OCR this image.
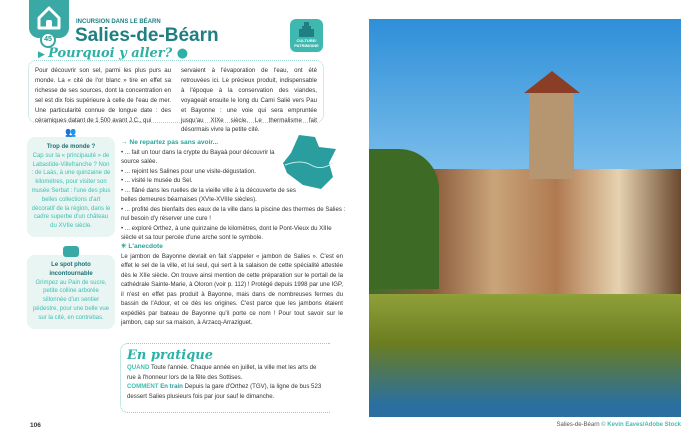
45
INCURSION DANS LE BÉARN
Salies-de-Béarn	CULTURE/ PATRIMOINE
▶ Pourquoi y aller? ●

Pour découvrir son sel, parmi les plus purs au monde. La « cité de l'or blanc » tire en effet sa richesse de ses sources, dont la concentration en sel est dix fois supérieure à celle de l'eau de mer. Une particularité connue de longue date : des céramiques datant de 1 500 avant J.C., qui

servaient à l'évaporation de l'eau, ont été retrouvées ici. Le précieux produit, indispensable à l'époque à la conservation des viandes, voyageait ensuite le long du Cami Salié vers Pau et Bayonne : une voie qui sera empruntée jusqu'au XIXe siècle. Le thermalisme fait désormais vivre la petite cité.

👥
Trop de monde ?
Cap sur la « principauté » de Labastide-Villefranche ? Non : de Laàs, à une quinzaine de kilomètres, pour visiter son musée Serbat : l'une des plus belles collections d'art décoratif de la région, dans le cadre superbe d'un château du XVIIe siècle.
Le spot photo incontournable
Grimpez au Pain de sucre, petite colline arborée sillonnée d'un sentier pédestre, pour une belle vue sur la cité, en contrebas.
→ Ne repartez pas sans avoir...
• ... fait un tour dans la crypte du Bayaà pour découvrir la source salée.
• ... rejoint les Salines pour une visite-dégustation.
• ... visité le musée du Sel.
• ... flâné dans les ruelles de la vieille ville à la découverte de ses belles demeures béarnaises (XVIe-XVIIIe siècles).
• ... profité des bienfaits des eaux de la ville dans la piscine des thermes de Salies : nul besoin d'y réserver une cure !
• ... exploré Orthez, à une quinzaine de kilomètres, dont le Pont-Vieux du XIIIe siècle et sa tour percée d'une arche sont le symbole.
✳ L'anecdote
Le jambon de Bayonne devrait en fait s'appeler « jambon de Salies ». C'est en effet le sel de la ville, et lui seul, qui sert à la salaison de cette spécialité attestée dès le XIIe siècle. On trouve ainsi mention de cette préparation sur le portail de la cathédrale Sainte-Marie, à Oloron (voir p. 112) ! Protégé depuis 1998 par une IGP, il n'est en effet pas produit à Bayonne, mais dans de nombreuses fermes du bassin de l'Adour, et ce dès les origines. C'est parce que les jambons étaient expédiés par bateau de Bayonne qu'il porte ce nom ! Pour tout savoir sur le jambon, cap sur sa maison, à Arzacq-Arraziguet.
En pratique

QUAND Toute l'année. Chaque année en juillet, la ville met les arts de rue à l'honneur lors de la fête des Sottises.

COMMENT En train Depuis la gare d'Orthez (TGV), la ligne de bus 523 dessert Salies plusieurs fois par jour sauf le dimanche.

Salies-de-Béarn © Kevin Eaves/Adobe Stock
106
